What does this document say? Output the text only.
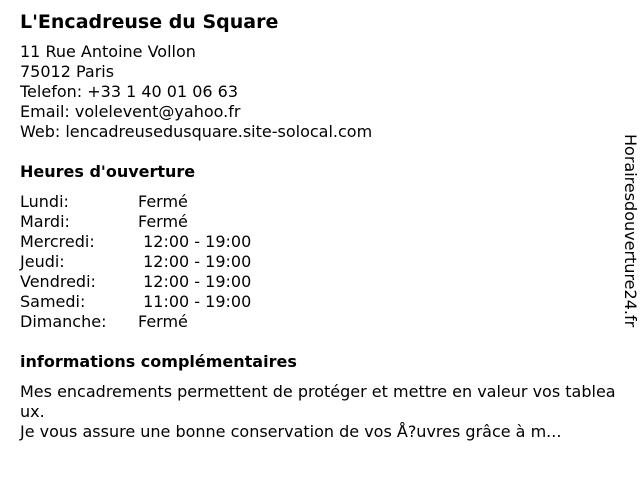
L'Encadreuse du Square
11 Rue Antoine Vollon
75012 Paris
Telefon: +33 1 40 01 06 63
Email: volelevent@yahoo.fr
Web: lencadreusedusquare.site-solocal.com
Heures d'ouverture
Lundi:	Fermé
Mardi:	Fermé
Mercredi:	12:00 - 19:00
Jeudi:	12:00 - 19:00
Vendredi:	12:00 - 19:00
Samedi:	11:00 - 19:00
Dimanche: Fermé
informations complémentaires
Mes encadrements permettent de protéger et mettre en valeur vos tableaux.
Je vous assure une bonne conservation de vos Å?uvres grâce à m...
Horairesdouverture24.fr
